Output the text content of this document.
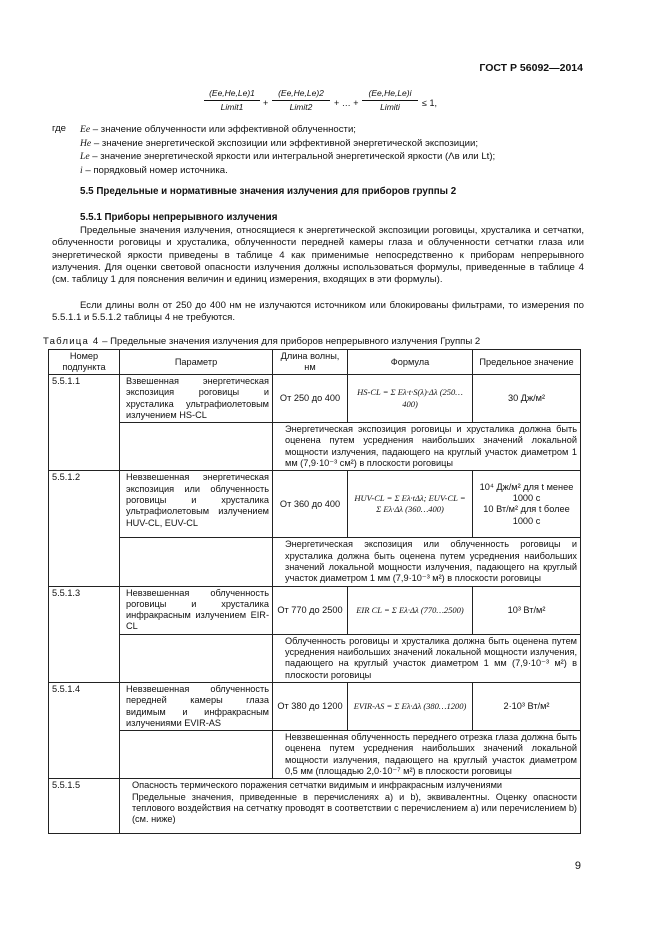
ГОСТ Р 56092—2014
(Eе,Hе,Lе)1
Limit1	+
(Eе,Hе,Lе)2
Limit2	+ … +
(Eе,Hе,Lе)i
Limiti	≤ 1,
где Eе – значение облученности или эффективной облученности;
Hе – значение энергетической экспозиции или эффективной энергетической экспозиции;
Lе – значение энергетической яркости или интегральной энергетической яркости (Λв или Lt);
i – порядковый номер источника.
5.5 Предельные и нормативные значения излучения для приборов группы 2
5.5.1 Приборы непрерывного излучения
Предельные значения излучения, относящиеся к энергетической экспозиции роговицы, хрусталика и сетчатки, облученности роговицы и хрусталика, облученности передней камеры глаза и облученности сетчатки глаза или энергетической яркости приведены в таблице 4 как применимые непосредственно к приборам непрерывного излучения. Для оценки световой опасности излучения должны использоваться формулы, приведенные в таблице 4 (см. таблицу 1 для пояснения величин и единиц измерения, входящих в эти формулы).
Если длины волн от 250 до 400 нм не излучаются источником или блокированы фильтрами, то измерения по 5.5.1.1 и 5.5.1.2 таблицы 4 не требуются.
Таблица 4 – Предельные значения излучения для приборов непрерывного излучения Группы 2
Номер подпункта	Параметр	Длина волны, нм	Формула	Предельное значение
5.5.1.1	Взвешенная энергетическая экспозиция роговицы и хрусталика ультрафиолетовым излучением HS-CL	От 250 до 400	HS-CL = Σ Eλ·t·S(λ)·Δλ (250…400)	30 Дж/м²
		Энергетическая экспозиция роговицы и хрусталика должна быть оценена путем усреднения наибольших значений локальной мощности излучения, падающего на круглый участок диаметром 1 мм (7,9·10⁻³ см²) в плоскости роговицы		
5.5.1.2	Невзвешенная энергетическая экспозиция или облученность роговицы и хрусталика ультрафиолетовым излучением HUV-CL, EUV-CL	От 360 до 400	HUV-CL = Σ Eλ·tΔλ; EUV-CL = Σ Eλ·Δλ (360…400)	10⁴ Дж/м² для t менее 1000 с
10 Вт/м² для t более 1000 с

		Энергетическая экспозиция или облученность роговицы и хрусталика должна быть оценена путем усреднения наибольших значений локальной мощности излучения, падающего на круглый участок диаметром 1 мм (7,9·10⁻³ м²) в плоскости роговицы		
5.5.1.3	Невзвешенная облученность роговицы и хрусталика инфракрасным излучением EIR-CL	От 770 до 2500	EIR CL = Σ Eλ·Δλ (770…2500)	10³ Вт/м²
		Облученность роговицы и хрусталика должна быть оценена путем усреднения наибольших значений локальной мощности излучения, падающего на круглый участок диаметром 1 мм (7,9·10⁻³ м²) в плоскости роговицы		
5.5.1.4	Невзвешенная облученность передней камеры глаза видимым и инфракрасным излучениями EVIR-AS	От 380 до 1200	EVIR-AS = Σ Eλ·Δλ (380…1200)	2·10³ Вт/м²
		Невзвешенная облученность переднего отрезка глаза должна быть оценена путем усреднения наибольших значений локальной мощности излучения, падающего на круглый участок диаметром 0,5 мм (площадью 2,0·10⁻⁷ м²) в плоскости роговицы		
5.5.1.5	Опасность термического поражения сетчатки видимым и инфракрасным излучениями
Предельные значения, приведенные в перечислениях а) и b), эквивалентны. Оценку опасности теплового воздействия на сетчатку проводят в соответствии с перечислением а) или перечислением b) (см. ниже)			
9
